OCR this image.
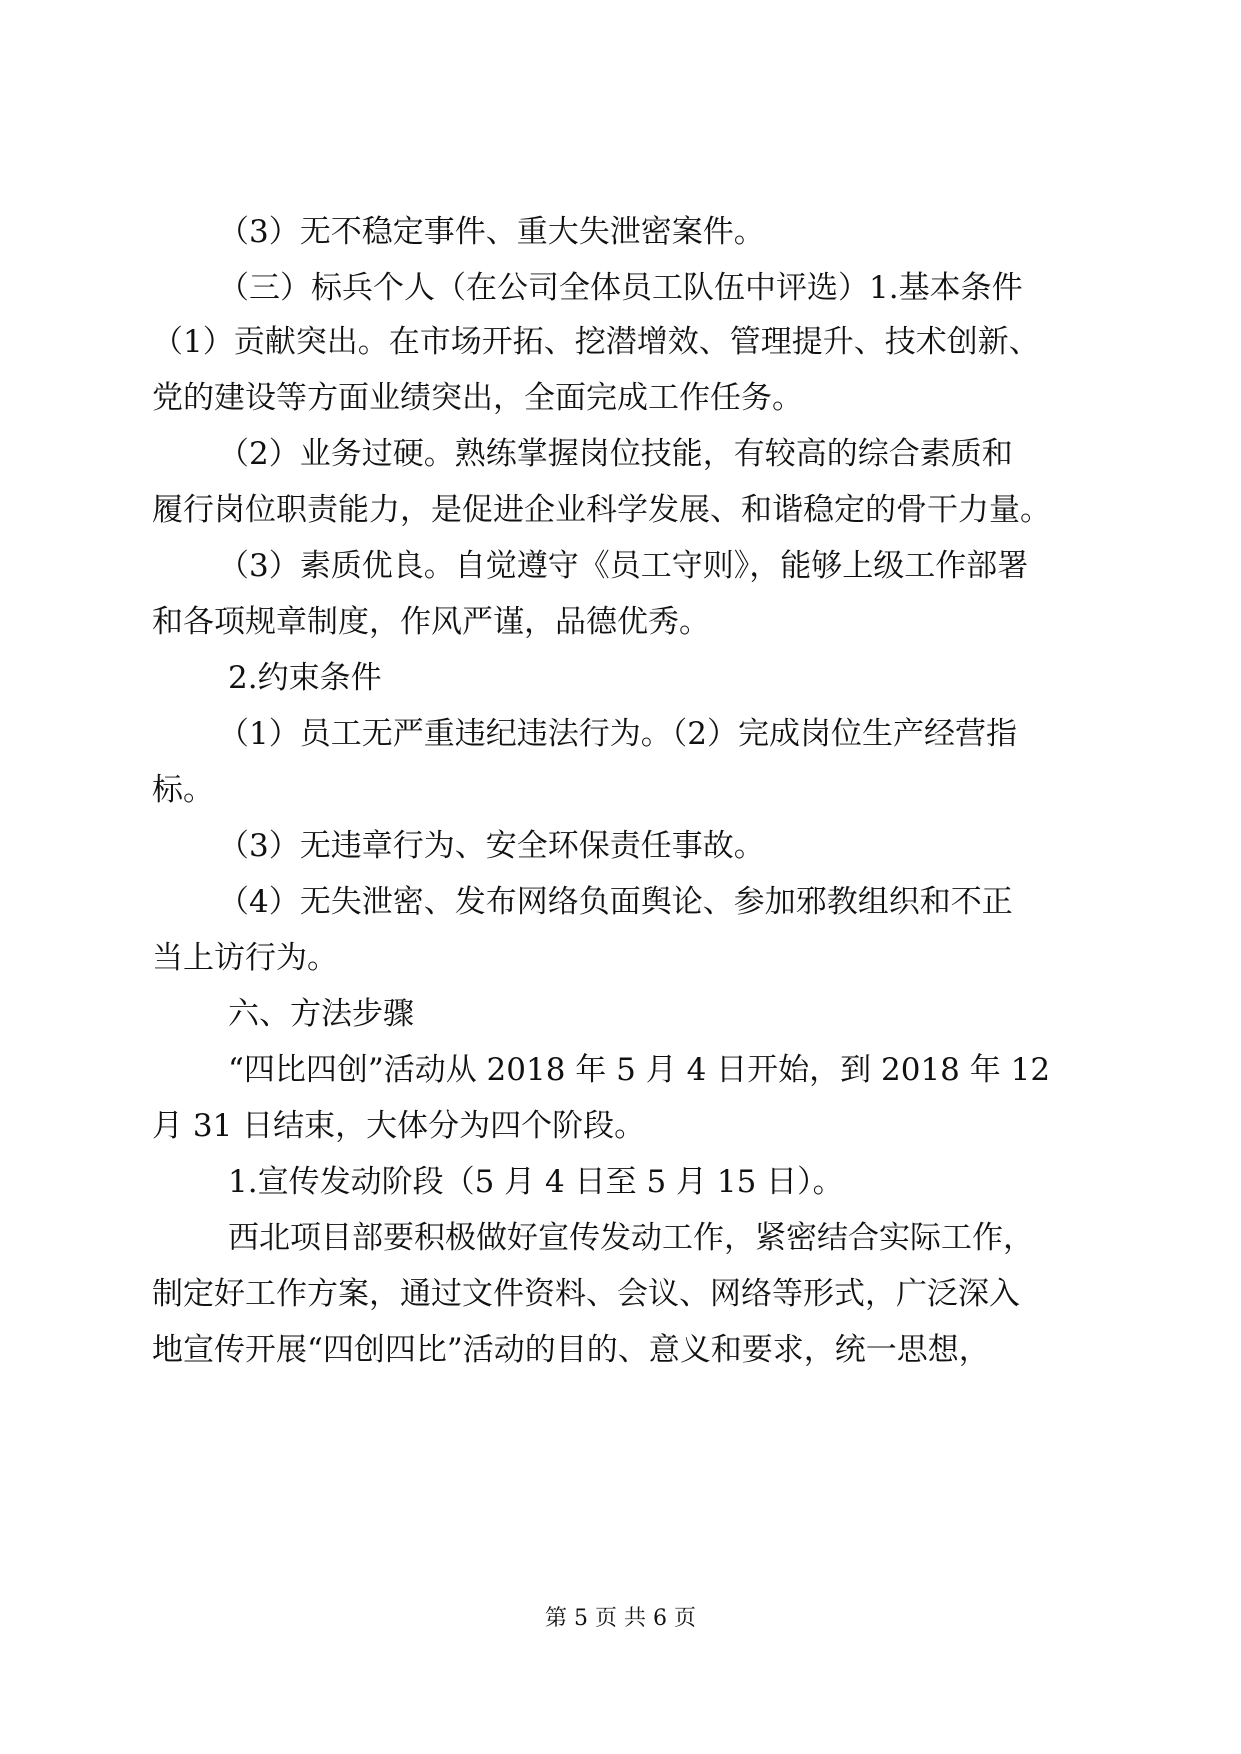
（3）无不稳定事件、重大失泄密案件。
（三）标兵个人（在公司全体员工队伍中评选）1.基本条件
（1）贡献突出。在市场开拓、挖潜增效、管理提升、技术创新、
党的建设等方面业绩突出，全面完成工作任务。
（2）业务过硬。熟练掌握岗位技能，有较高的综合素质和
履行岗位职责能力，是促进企业科学发展、和谐稳定的骨干力量。
（3）素质优良。自觉遵守《员工守则》，能够上级工作部署
和各项规章制度，作风严谨，品德优秀。
2.约束条件
（1）员工无严重违纪违法行为。（2）完成岗位生产经营指
标。
（3）无违章行为、安全环保责任事故。
（4）无失泄密、发布网络负面舆论、参加邪教组织和不正
当上访行为。
六、方法步骤
“四比四创”活动从 2018 年 5 月 4 日开始，到 2018 年 12
月 31 日结束，大体分为四个阶段。
1.宣传发动阶段（5 月 4 日至 5 月 15 日）。
西北项目部要积极做好宣传发动工作，紧密结合实际工作，
制定好工作方案，通过文件资料、会议、网络等形式，广泛深入
地宣传开展“四创四比”活动的目的、意义和要求，统一思想，
第 5 页 共 6 页
